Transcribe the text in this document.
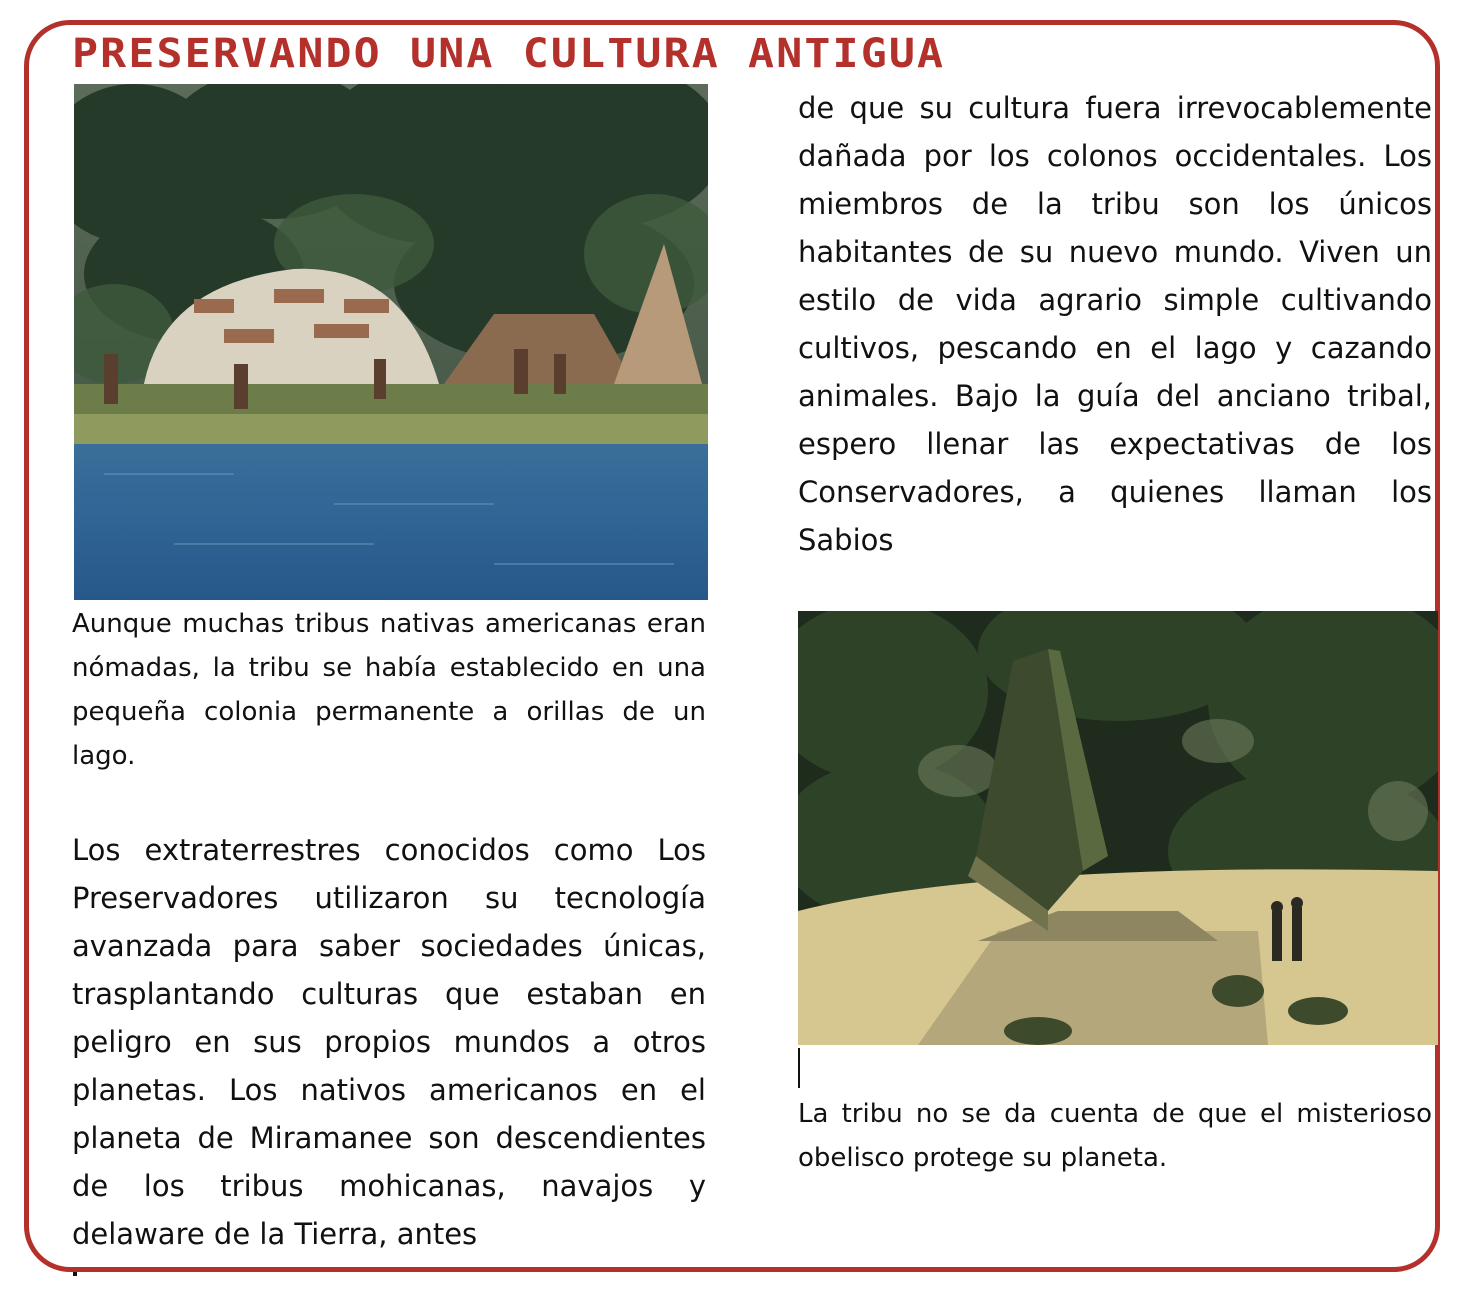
PRESERVANDO UNA CULTURA ANTIGUA

Aunque muchas tribus nativas americanas eran nómadas, la tribu se había establecido en una pequeña colonia permanente a orillas de un lago.

Los extraterrestres conocidos como Los Preservadores utilizaron su tecnología avanzada para saber sociedades únicas, trasplantando culturas que estaban en peligro en sus propios mundos a otros planetas. Los nativos americanos en el planeta de Miramanee son descendientes de los tribus mohicanas, navajos y delaware de la Tierra, antes

de que su cultura fuera irrevocablemente dañada por los colonos occidentales. Los miembros de la tribu son los únicos habitantes de su nuevo mundo. Viven un estilo de vida agrario simple cultivando cultivos, pescando en el lago y cazando animales. Bajo la guía del anciano tribal, espero llenar las expectativas de los Conservadores, a quienes llaman los Sabios

La tribu no se da cuenta de que el misterioso obelisco protege su planeta.
